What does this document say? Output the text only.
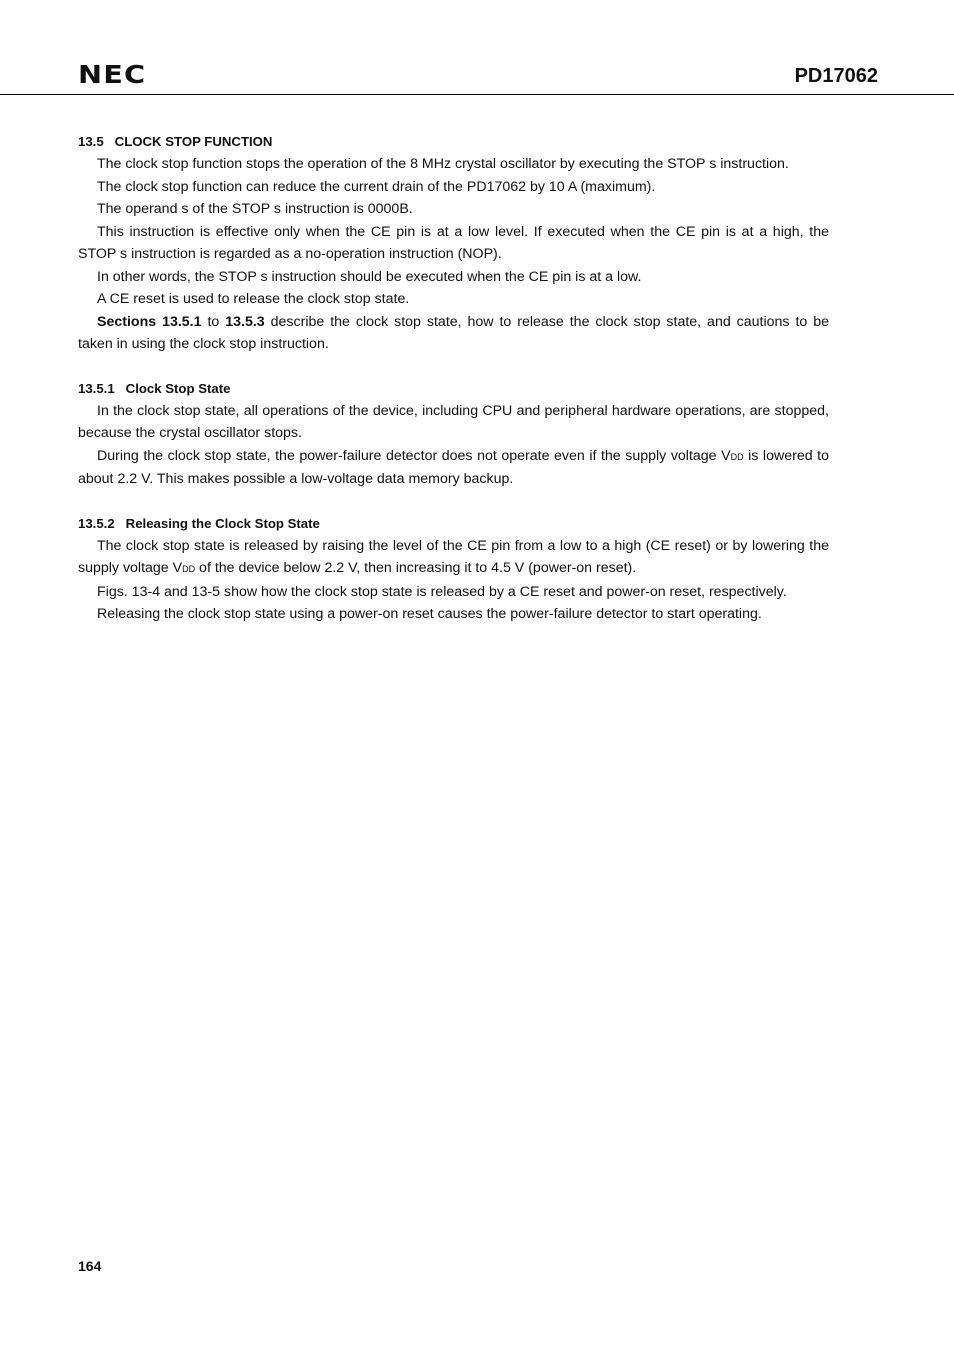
NEC	PD17062
13.5 CLOCK STOP FUNCTION

The clock stop function stops the operation of the 8 MHz crystal oscillator by executing the STOP s instruction.

The clock stop function can reduce the current drain of the PD17062 by 10 A (maximum).

The operand s of the STOP s instruction is 0000B.

This instruction is effective only when the CE pin is at a low level. If executed when the CE pin is at a high, the STOP s instruction is regarded as a no-operation instruction (NOP).

In other words, the STOP s instruction should be executed when the CE pin is at a low.

A CE reset is used to release the clock stop state.

Sections 13.5.1 to 13.5.3 describe the clock stop state, how to release the clock stop state, and cautions to be taken in using the clock stop instruction.

13.5.1 Clock Stop State

In the clock stop state, all operations of the device, including CPU and peripheral hardware operations, are stopped, because the crystal oscillator stops.

During the clock stop state, the power-failure detector does not operate even if the supply voltage VDD is lowered to about 2.2 V. This makes possible a low-voltage data memory backup.

13.5.2 Releasing the Clock Stop State

The clock stop state is released by raising the level of the CE pin from a low to a high (CE reset) or by lowering the supply voltage VDD of the device below 2.2 V, then increasing it to 4.5 V (power-on reset).

Figs. 13-4 and 13-5 show how the clock stop state is released by a CE reset and power-on reset, respectively.

Releasing the clock stop state using a power-on reset causes the power-failure detector to start operating.

164
